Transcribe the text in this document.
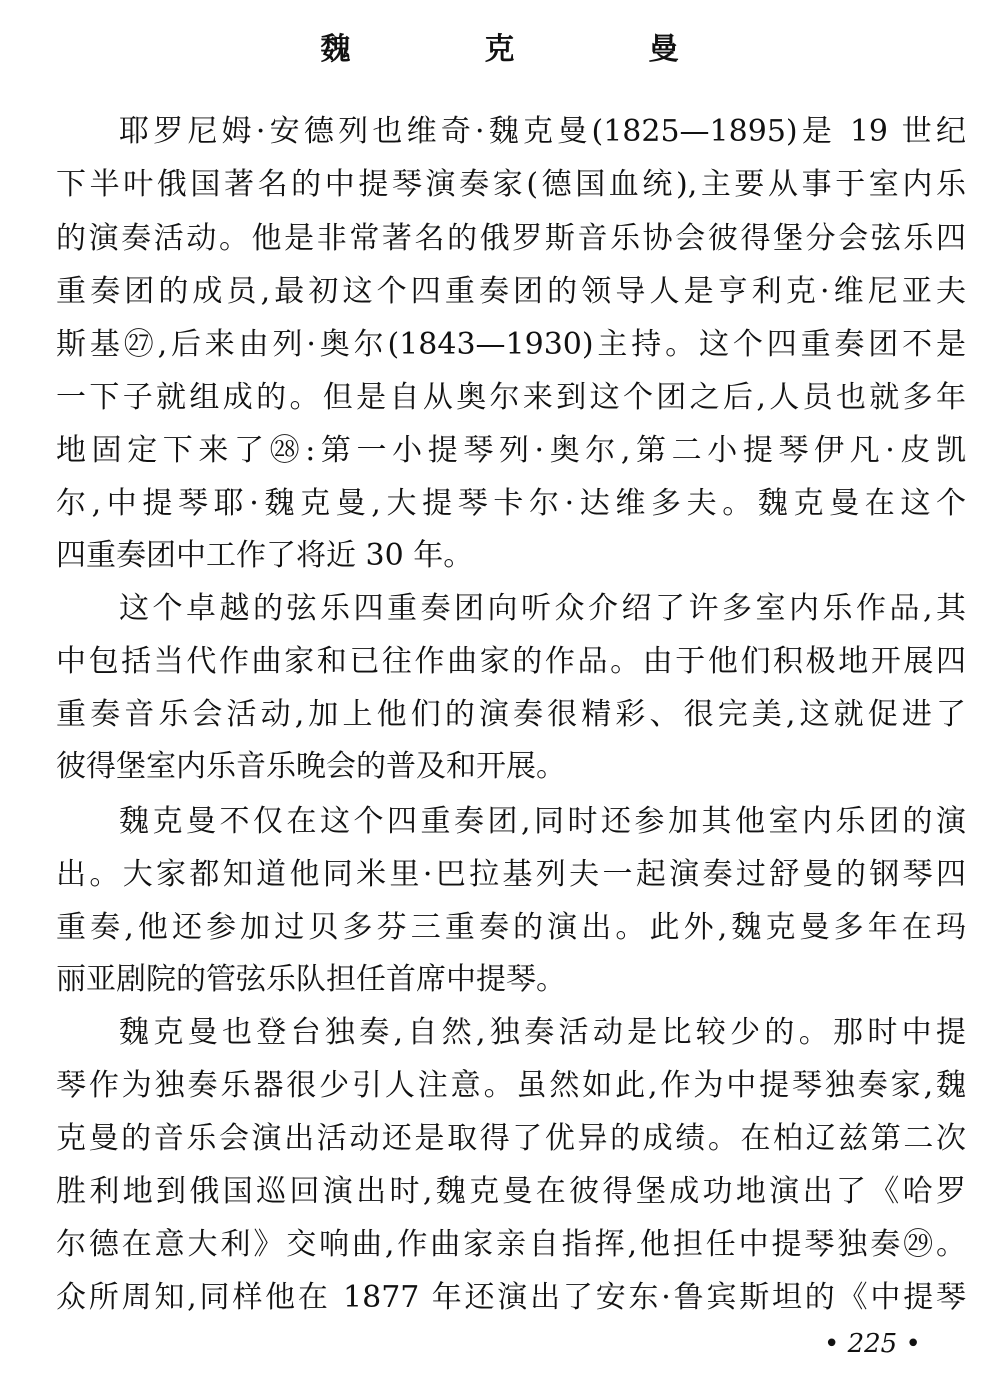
魏　克　曼
耶罗尼姆·安德列也维奇·魏克曼(1825—1895)是 19 世纪
下半叶俄国著名的中提琴演奏家(德国血统),主要从事于室内乐
的演奏活动。他是非常著名的俄罗斯音乐协会彼得堡分会弦乐四
重奏团的成员,最初这个四重奏团的领导人是亨利克·维尼亚夫
斯基㉗,后来由列·奥尔(1843—1930)主持。这个四重奏团不是
一下子就组成的。但是自从奥尔来到这个团之后,人员也就多年
地固定下来了㉘:第一小提琴列·奥尔,第二小提琴伊凡·皮凯
尔,中提琴耶·魏克曼,大提琴卡尔·达维多夫。魏克曼在这个
四重奏团中工作了将近 30 年。
这个卓越的弦乐四重奏团向听众介绍了许多室内乐作品,其
中包括当代作曲家和已往作曲家的作品。由于他们积极地开展四
重奏音乐会活动,加上他们的演奏很精彩、很完美,这就促进了
彼得堡室内乐音乐晚会的普及和开展。
魏克曼不仅在这个四重奏团,同时还参加其他室内乐团的演
出。大家都知道他同米里·巴拉基列夫一起演奏过舒曼的钢琴四
重奏,他还参加过贝多芬三重奏的演出。此外,魏克曼多年在玛
丽亚剧院的管弦乐队担任首席中提琴。
魏克曼也登台独奏,自然,独奏活动是比较少的。那时中提
琴作为独奏乐器很少引人注意。虽然如此,作为中提琴独奏家,魏
克曼的音乐会演出活动还是取得了优异的成绩。在柏辽兹第二次
胜利地到俄国巡回演出时,魏克曼在彼得堡成功地演出了《哈罗
尔德在意大利》交响曲,作曲家亲自指挥,他担任中提琴独奏㉙。
众所周知,同样他在 1877 年还演出了安东·鲁宾斯坦的《中提琴
• 225 •
